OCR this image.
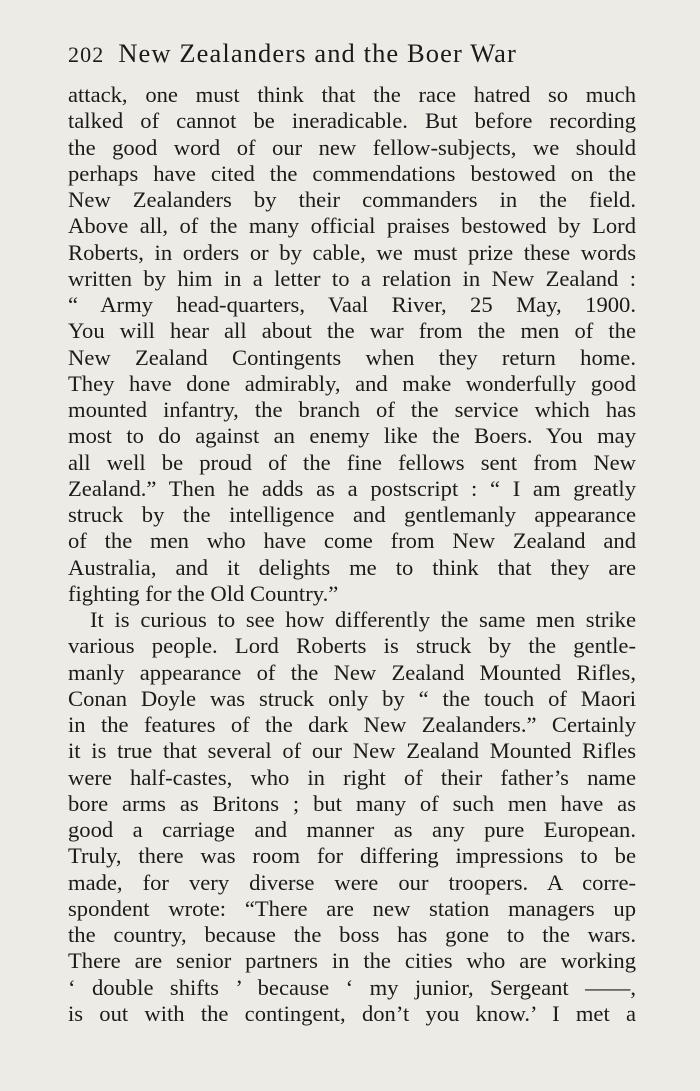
202 New Zealanders and the Boer War
attack, one must think that the race hatred so much
talked of cannot be ineradicable. But before recording
the good word of our new fellow-subjects, we should
perhaps have cited the commendations bestowed on the
New Zealanders by their commanders in the field.
Above all, of the many official praises bestowed by Lord
Roberts, in orders or by cable, we must prize these words
written by him in a letter to a relation in New Zealand :
“ Army head-quarters, Vaal River, 25 May, 1900.
You will hear all about the war from the men of the
New Zealand Contingents when they return home.
They have done admirably, and make wonderfully good
mounted infantry, the branch of the service which has
most to do against an enemy like the Boers. You may
all well be proud of the fine fellows sent from New
Zealand.” Then he adds as a postscript : “ I am greatly
struck by the intelligence and gentlemanly appearance
of the men who have come from New Zealand and
Australia, and it delights me to think that they are
fighting for the Old Country.”
It is curious to see how differently the same men strike
various people. Lord Roberts is struck by the gentle-
manly appearance of the New Zealand Mounted Rifles,
Conan Doyle was struck only by “ the touch of Maori
in the features of the dark New Zealanders.” Certainly
it is true that several of our New Zealand Mounted Rifles
were half-castes, who in right of their father’s name
bore arms as Britons ; but many of such men have as
good a carriage and manner as any pure European.
Truly, there was room for differing impressions to be
made, for very diverse were our troopers. A corre-
spondent wrote: “There are new station managers up
the country, because the boss has gone to the wars.
There are senior partners in the cities who are working
‘ double shifts ’ because ‘ my junior, Sergeant ——,
is out with the contingent, don’t you know.’ I met a
